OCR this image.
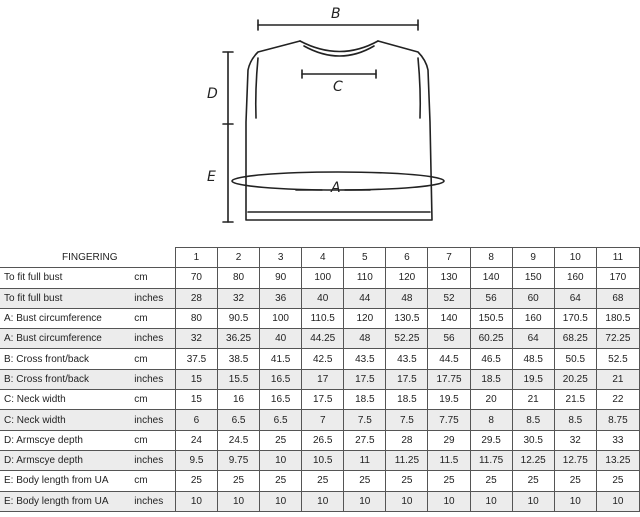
B
C
D
E
A
FINGERING		1	2	3	4	5	6	7	8	9	10	11
To fit full bust	cm	70	80	90	100	110	120	130	140	150	160	170
To fit full bust	inches	28	32	36	40	44	48	52	56	60	64	68
A: Bust circumference	cm	80	90.5	100	110.5	120	130.5	140	150.5	160	170.5	180.5
A: Bust circumference	inches	32	36.25	40	44.25	48	52.25	56	60.25	64	68.25	72.25
B: Cross front/back	cm	37.5	38.5	41.5	42.5	43.5	43.5	44.5	46.5	48.5	50.5	52.5
B: Cross front/back	inches	15	15.5	16.5	17	17.5	17.5	17.75	18.5	19.5	20.25	21
C: Neck width	cm	15	16	16.5	17.5	18.5	18.5	19.5	20	21	21.5	22
C: Neck width	inches	6	6.5	6.5	7	7.5	7.5	7.75	8	8.5	8.5	8.75
D: Armscye depth	cm	24	24.5	25	26.5	27.5	28	29	29.5	30.5	32	33
D: Armscye depth	inches	9.5	9.75	10	10.5	11	11.25	11.5	11.75	12.25	12.75	13.25
E: Body length from UA	cm	25	25	25	25	25	25	25	25	25	25	25
E: Body length from UA	inches	10	10	10	10	10	10	10	10	10	10	10
